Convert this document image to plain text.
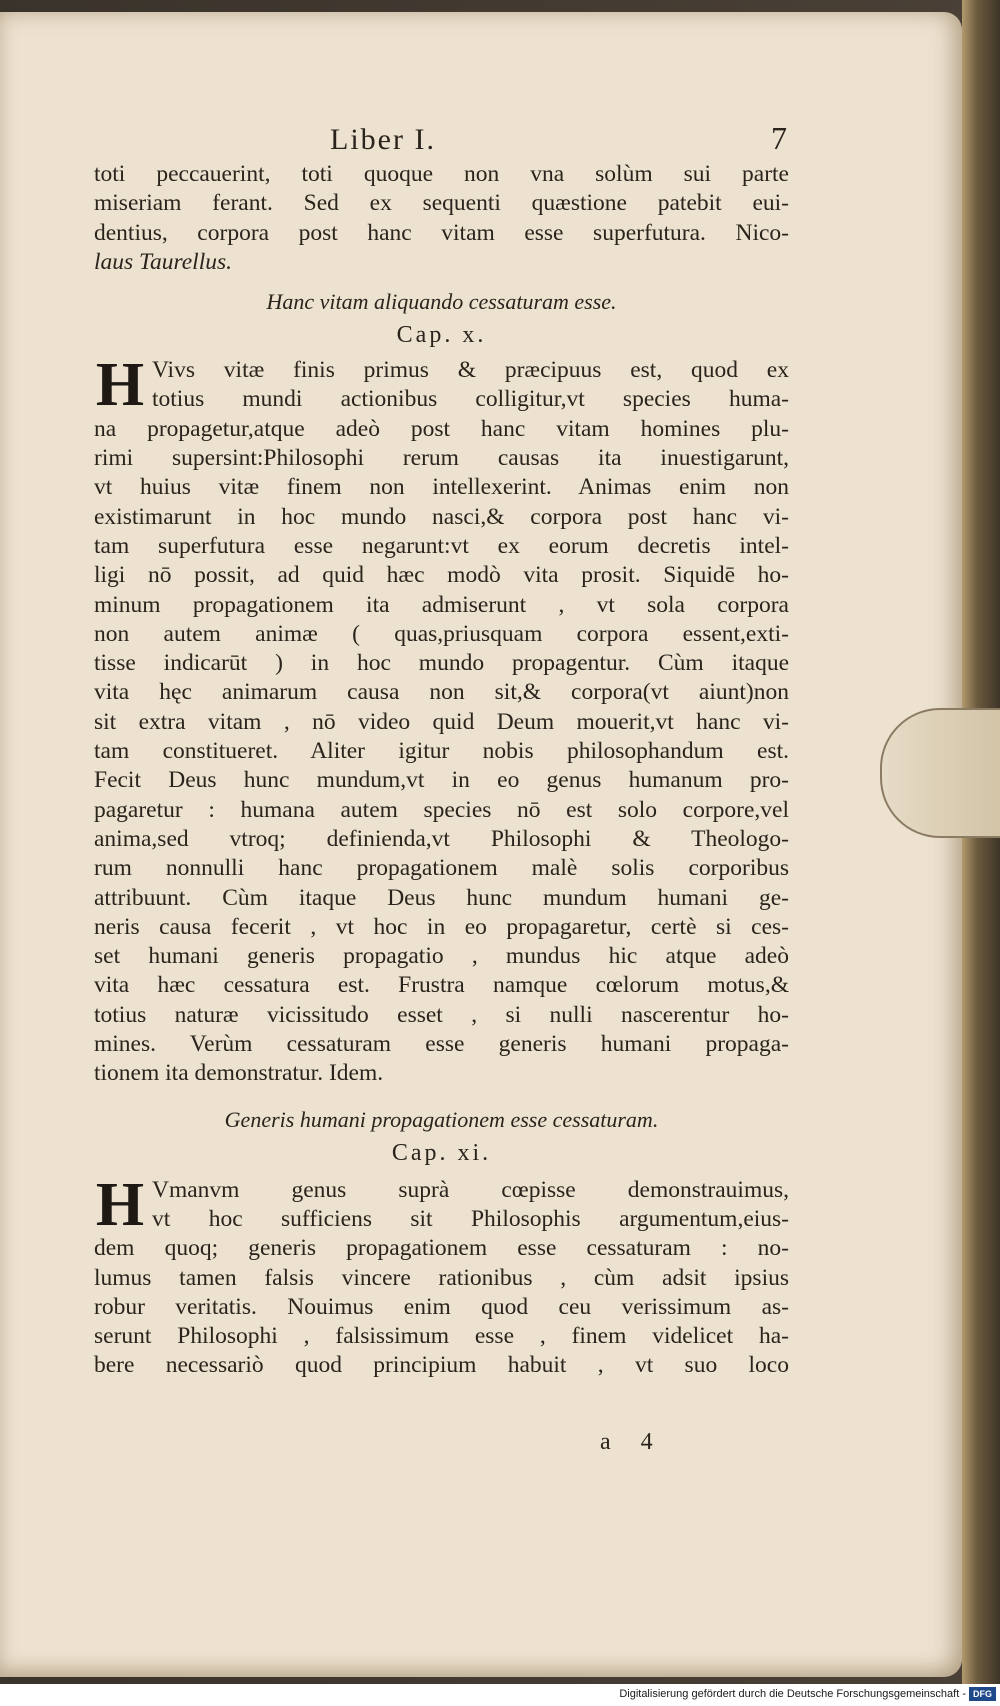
Liber I.	7
toti peccauerint, toti quoque non vna solùm sui parte
miseriam ferant. Sed ex sequenti quæstione patebit eui-
dentius, corpora post hanc vitam esse superfutura. Nico-
laus Taurellus.
Hanc vitam aliquando cessaturam esse.
Cap. x.
H Vivs vitæ finis primus & præcipuus est, quod ex
totius mundi actionibus colligitur,vt species huma-
na propagetur,atque adeò post hanc vitam homines plu-
rimi supersint:Philosophi rerum causas ita inuestigarunt,
vt huius vitæ finem non intellexerint. Animas enim non
existimarunt in hoc mundo nasci,& corpora post hanc vi-
tam superfutura esse negarunt:vt ex eorum decretis intel-
ligi nō possit, ad quid hæc modò vita prosit. Siquidē ho-
minum propagationem ita admiserunt , vt sola corpora
non autem animæ ( quas,priusquam corpora essent,exti-
tisse indicarūt ) in hoc mundo propagentur. Cùm itaque
vita hęc animarum causa non sit,& corpora(vt aiunt)non
sit extra vitam , nō video quid Deum mouerit,vt hanc vi-
tam constitueret. Aliter igitur nobis philosophandum est.
Fecit Deus hunc mundum,vt in eo genus humanum pro-
pagaretur : humana autem species nō est solo corpore,vel
anima,sed vtroq; definienda,vt Philosophi & Theologo-
rum nonnulli hanc propagationem malè solis corporibus
attribuunt. Cùm itaque Deus hunc mundum humani ge-
neris causa fecerit , vt hoc in eo propagaretur, certè si ces-
set humani generis propagatio , mundus hic atque adeò
vita hæc cessatura est. Frustra namque cœlorum motus,&
totius naturæ vicissitudo esset , si nulli nascerentur ho-
mines. Verùm cessaturam esse generis humani propaga-
tionem ita demonstratur. Idem.
Generis humani propagationem esse cessaturam.
Cap. xi.
H Vmanvm genus suprà cœpisse demonstrauimus,
vt hoc sufficiens sit Philosophis argumentum,eius-
dem quoq; generis propagationem esse cessaturam : no-
lumus tamen falsis vincere rationibus , cùm adsit ipsius
robur veritatis. Nouimus enim quod ceu verissimum as-
serunt Philosophi , falsissimum esse , finem videlicet ha-
bere necessariò quod principium habuit , vt suo loco
a 4
Digitalisierung gefördert durch die Deutsche Forschungsgemeinschaft - DFG
